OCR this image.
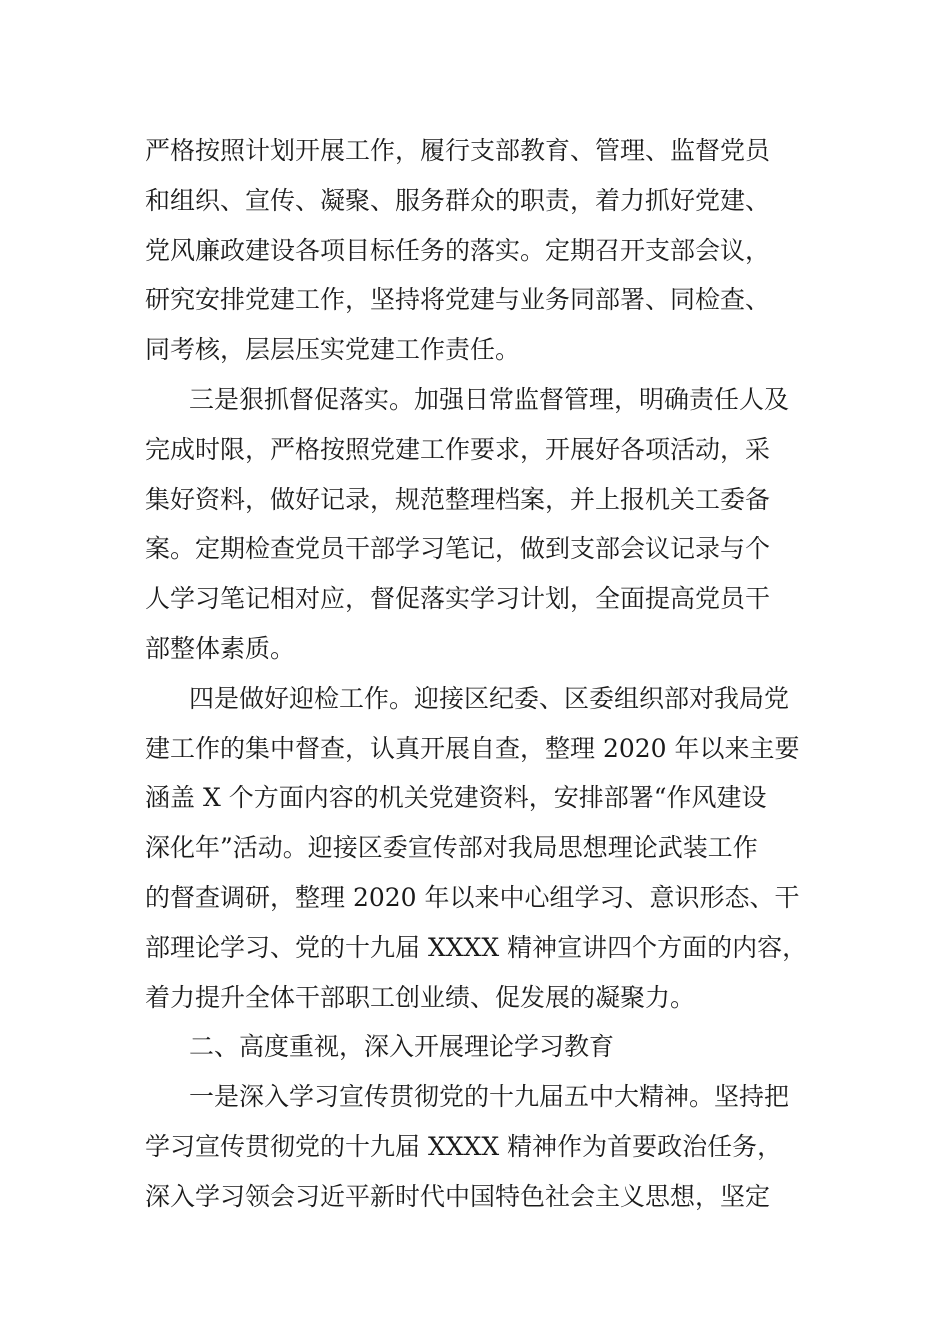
严格按照计划开展工作，履行支部教育、管理、监督党员
和组织、宣传、凝聚、服务群众的职责，着力抓好党建、
党风廉政建设各项目标任务的落实。定期召开支部会议，
研究安排党建工作，坚持将党建与业务同部署、同检查、
同考核，层层压实党建工作责任。
三是狠抓督促落实。加强日常监督管理，明确责任人及
完成时限，严格按照党建工作要求，开展好各项活动，采
集好资料，做好记录，规范整理档案，并上报机关工委备
案。定期检查党员干部学习笔记，做到支部会议记录与个
人学习笔记相对应，督促落实学习计划，全面提高党员干
部整体素质。
四是做好迎检工作。迎接区纪委、区委组织部对我局党
建工作的集中督查，认真开展自查，整理 2020 年以来主要
涵盖 X 个方面内容的机关党建资料，安排部署“作风建设
深化年”活动。迎接区委宣传部对我局思想理论武装工作
的督查调研，整理 2020 年以来中心组学习、意识形态、干
部理论学习、党的十九届 XXXX 精神宣讲四个方面的内容，
着力提升全体干部职工创业绩、促发展的凝聚力。
二、高度重视，深入开展理论学习教育
一是深入学习宣传贯彻党的十九届五中大精神。坚持把
学习宣传贯彻党的十九届 XXXX 精神作为首要政治任务，
深入学习领会习近平新时代中国特色社会主义思想，坚定
